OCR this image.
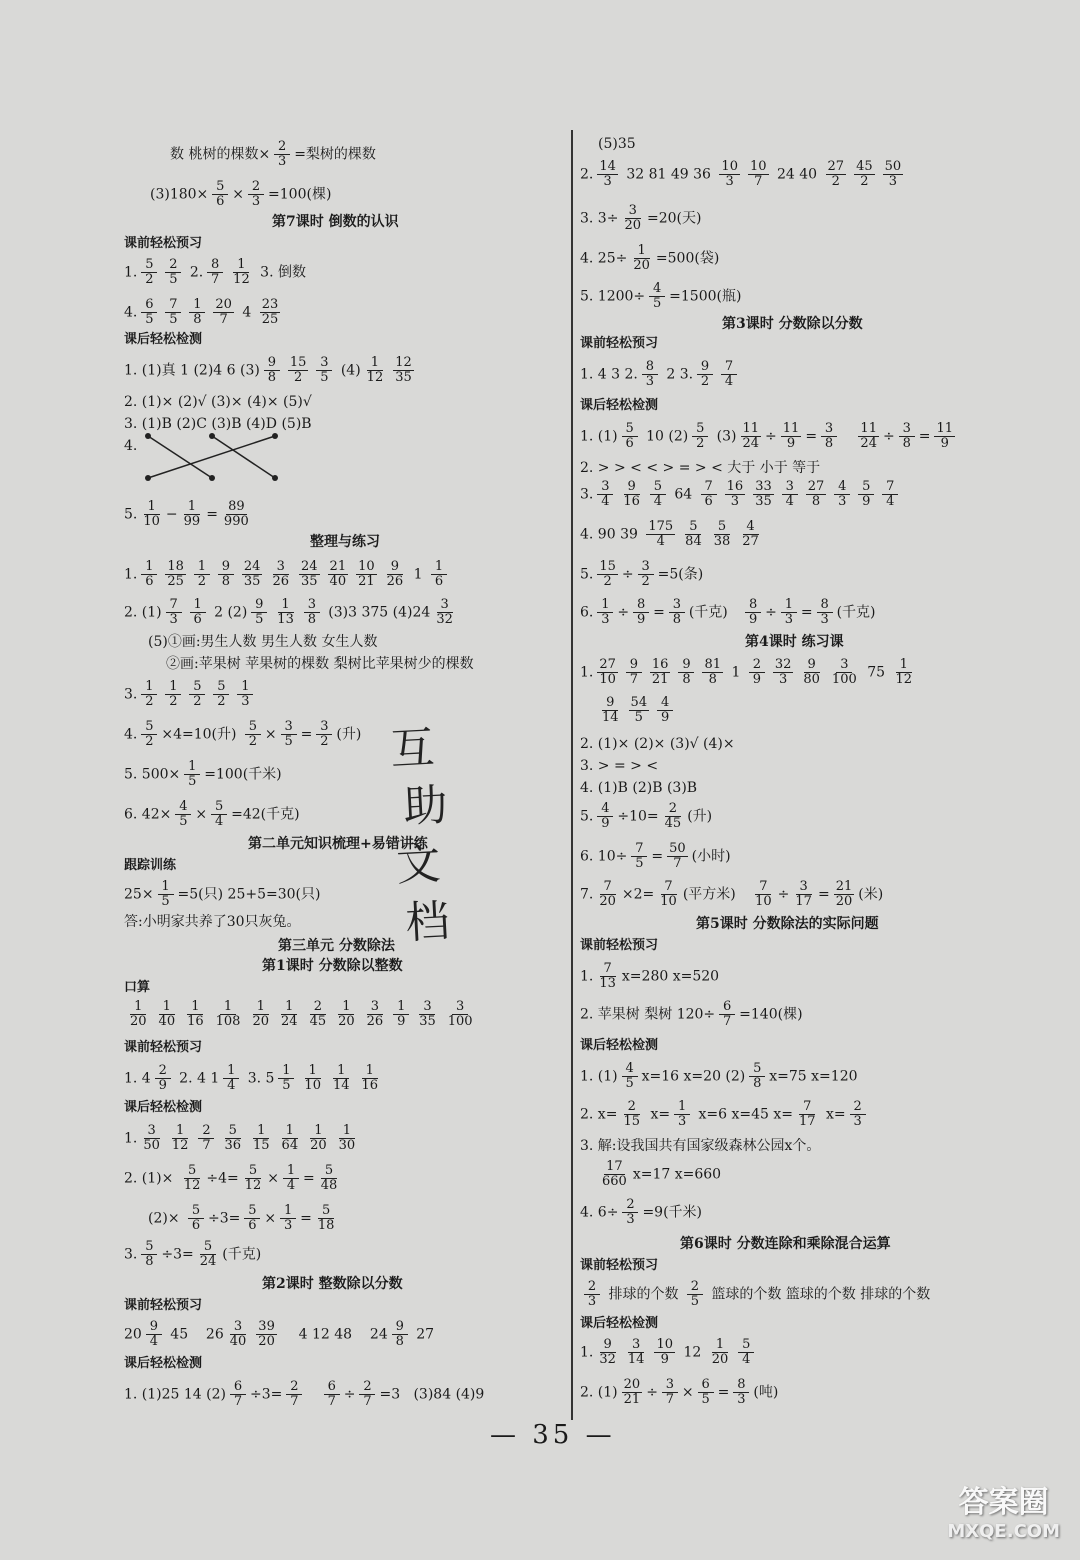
数 桃树的棵数× $\frac{2}{3}$ =梨树的棵数
$(3)180\times \frac{5}{6} \times \frac{2}{3} =100$(棵)
第7课时 倒数的认识
课前轻松预习
1. $\frac{5}{2} \frac{2}{5} 2$. $\frac{8}{7} \frac{1}{12} 3$. 倒数
4. $\frac{6}{5} \frac{7}{5} \frac{1}{8} \frac{20}{7} 4 \frac{23}{25}$
课后轻松检测
1. (1)真 1 (2)4 6 $(3) \frac{9}{8} \frac{15}{2} \frac{3}{5} (4) \frac{1}{12} \frac{12}{35}$
2. (1)× (2)√ (3)× (4)× (5)√
3. (1)B (2)C (3)B (4)D (5)B
4.
5. $\frac{1}{10} - \frac{1}{99} = \frac{89}{990}$
整理与练习
1. $\frac{1}{6} \frac{18}{25} \frac{1}{2} \frac{9}{8} \frac{24}{35} \frac{3}{26} \frac{24}{35} \frac{21}{40} \frac{10}{21} \frac{9}{26} 1 \frac{1}{6}$
2. $(1) \frac{7}{3} \frac{1}{6} 2$ $(2) \frac{9}{5} \frac{1}{13} \frac{3}{8} (3)3$ 375 $(4)24 \frac{3}{32}$
(5)①画:男生人数 男生人数 女生人数
②画:苹果树 苹果树的棵数 梨树比苹果树少的棵数
3. $\frac{1}{2} \frac{1}{2} \frac{5}{2} \frac{5}{2} \frac{1}{3}$
4. $\frac{5}{2} \times 4=10$(升) $\frac{5}{2} \times \frac{3}{5} = \frac{3}{2}$ (升)
5. $500\times \frac{1}{5} =100$(千米)
6. $42\times \frac{4}{5} \times \frac{5}{4} =42$(千克)
第二单元知识梳理+易错讲练
跟踪训练
$25\times \frac{1}{5} =5$(只) 25+5=30(只)
答:小明家共养了30只灰兔。
第三单元 分数除法
第1课时 分数除以整数
口算
$\frac{1}{20} \frac{1}{40} \frac{1}{16} \frac{1}{108} \frac{1}{20} \frac{1}{24} \frac{2}{45} \frac{1}{20} \frac{3}{26} \frac{1}{9} \frac{3}{35} \frac{3}{100}$
课前轻松预习
1. $4 \frac{2}{9} 2$. 4 $1 \frac{1}{4} 3$. $5 \frac{1}{5} \frac{1}{10} \frac{1}{14} \frac{1}{16}$
课后轻松检测
1. $\frac{3}{50} \frac{1}{12} \frac{2}{7} \frac{5}{36} \frac{1}{15} \frac{1}{64} \frac{1}{20} \frac{1}{30}$
2. $(1)\times \frac{5}{12} \div 4= \frac{5}{12} \times \frac{1}{4} = \frac{5}{48}$
$(2)\times \frac{5}{6} \div 3= \frac{5}{6} \times \frac{1}{3} = \frac{5}{18}$
3. $\frac{5}{8} \div 3= \frac{5}{24}$ (千克)
第2课时 整数除以分数
课前轻松预习
$20 \frac{9}{4} 45$ $26 \frac{3}{40} \frac{39}{20} 4$ 12 48 $24 \frac{9}{8} 27$
课后轻松检测
1. (1)25 14 $(2) \frac{6}{7} \div 3= \frac{2}{7}$
$\frac{6}{7} \div \frac{2}{7} =3$   (3)84 (4)9
(5)35
2. $\frac{14}{3} 32$ 81 49 $36 \frac{10}{3} \frac{10}{7} 24$ $40 \frac{27}{2} \frac{45}{2} \frac{50}{3}$
3. $3\div \frac{3}{20} =20$(天)
4. $25\div \frac{1}{20} =500$(袋)
5. $1200\div \frac{4}{5} =1500$(瓶)
第3课时 分数除以分数
课前轻松预习
1. 4 3 2. $\frac{8}{3} 2$ 3. $\frac{9}{2} \frac{7}{4}$
课后轻松检测
1. $(1) \frac{5}{6} 10$ $(2) \frac{5}{2} (3) \frac{11}{24} \div \frac{11}{9} = \frac{3}{8}$
$\frac{11}{24} \div \frac{3}{8} = \frac{11}{9}$
2. > > < < > = > < 大于 小于 等于
3. $\frac{3}{4} \frac{9}{16} \frac{5}{4} 64 \frac{7}{6} \frac{16}{3} \frac{33}{35} \frac{3}{4} \frac{27}{8} \frac{4}{3} \frac{5}{9} \frac{7}{4}$
4. 90 $39 \frac{175}{4} \frac{5}{84} \frac{5}{38} \frac{4}{27}$
5. $\frac{15}{2} \div \frac{3}{2} =5$(条)
6. $\frac{1}{3} \div \frac{8}{9} = \frac{3}{8}$ (千克) $\frac{8}{9} \div \frac{1}{3} = \frac{8}{3}$ (千克)
第4课时 练习课
1. $\frac{27}{10} \frac{9}{7} \frac{16}{21} \frac{9}{8} \frac{81}{8} 1 \frac{2}{9} \frac{32}{3} \frac{9}{80} \frac{3}{100} 75 \frac{1}{12}$
$\frac{9}{14} \frac{54}{5} \frac{4}{9}$
2. (1)× (2)× (3)√ (4)×
3. > = > <
4. (1)B (2)B (3)B
5. $\frac{4}{9} \div 10= \frac{2}{45}$ (升)
6. $10\div \frac{7}{5} = \frac{50}{7}$ (小时)
7. $\frac{7}{20} \times 2= \frac{7}{10}$ (平方米) $\frac{7}{10} \div \frac{3}{17} = \frac{21}{20}$ (米)
第5课时 分数除法的实际问题
课前轻松预习
1. $\frac{7}{13} x=280$ x=520
2. 苹果树 梨树 $120\div \frac{6}{7} =140$(棵)
课后轻松检测
1. $(1) \frac{4}{5} x=16$ x=20 $(2) \frac{5}{8} x=75$ x=120
2. $x= \frac{2}{15} x= \frac{1}{3} x=6$ x=45 $x= \frac{7}{17} x= \frac{2}{3}$
3. 解:设我国共有国家级森林公园x个。
$\frac{17}{660} x=17$ x=660
4. $6\div \frac{2}{3} =9$(千米)
第6课时 分数连除和乘除混合运算
课前轻松预习
$\frac{2}{3}$ 排球的个数 $\frac{2}{5}$ 篮球的个数 篮球的个数 排球的个数
课后轻松检测
1. $\frac{9}{32} \frac{3}{14} \frac{10}{9} 12 \frac{1}{20} \frac{5}{4}$
2. $(1) \frac{20}{21} \div \frac{3}{7} \times \frac{6}{5} = \frac{8}{3}$ (吨)
— 35 —
互
助
文
档
答案圈
MXQE.COM
